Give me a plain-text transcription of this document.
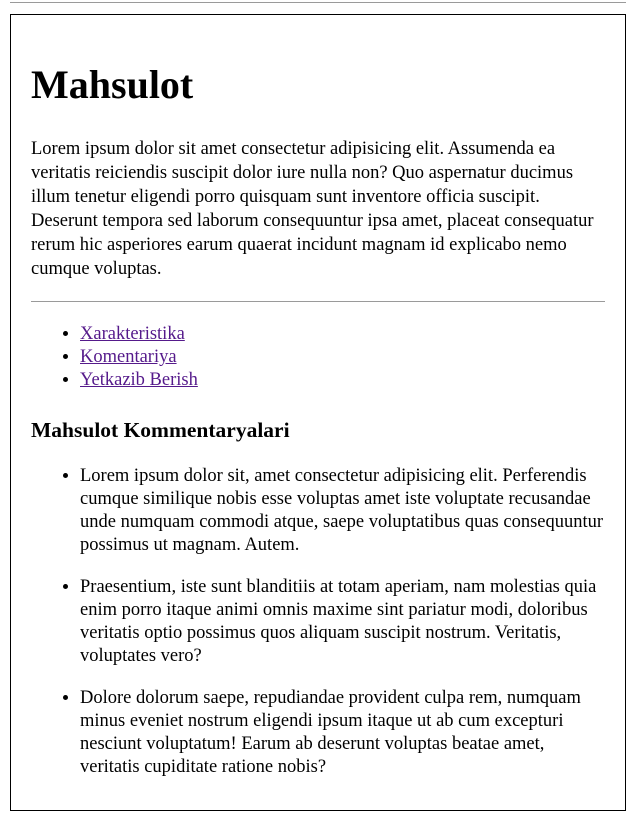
Mahsulot

Lorem ipsum dolor sit amet consectetur adipisicing elit. Assumenda ea veritatis reiciendis suscipit dolor iure nulla non? Quo aspernatur ducimus illum tenetur eligendi porro quisquam sunt inventore officia suscipit. Deserunt tempora sed laborum consequuntur ipsa amet, placeat consequatur rerum hic asperiores earum quaerat incidunt magnam id explicabo nemo cumque voluptas.

• Xarakteristika
• Komentariya
• Yetkazib Berish
Mahsulot Kommentaryalari
• Lorem ipsum dolor sit, amet consectetur adipisicing elit. Perferendis cumque similique nobis esse voluptas amet iste voluptate recusandae unde numquam commodi atque, saepe voluptatibus quas consequuntur possimus ut magnam. Autem.
• Praesentium, iste sunt blanditiis at totam aperiam, nam molestias quia enim porro itaque animi omnis maxime sint pariatur modi, doloribus veritatis optio possimus quos aliquam suscipit nostrum. Veritatis, voluptates vero?
• Dolore dolorum saepe, repudiandae provident culpa rem, numquam minus eveniet nostrum eligendi ipsum itaque ut ab cum excepturi nesciunt voluptatum! Earum ab deserunt voluptas beatae amet, veritatis cupiditate ratione nobis?
